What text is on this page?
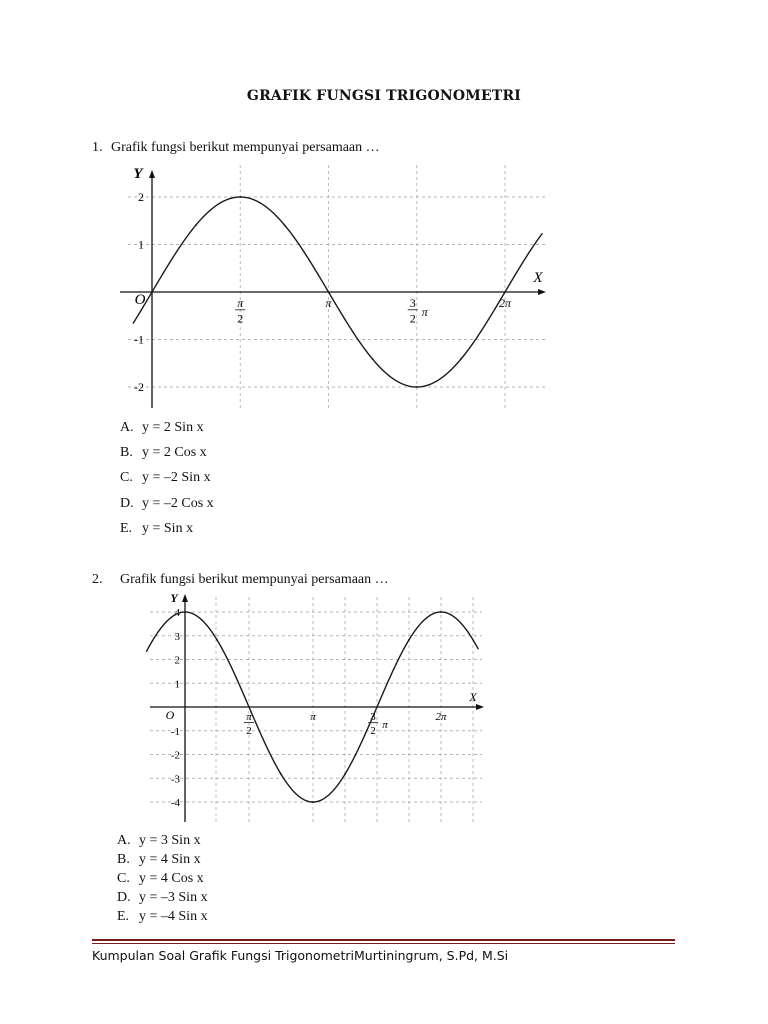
GRAFIK FUNGSI TRIGONOMETRI
1. Grafik fungsi berikut mempunyai persamaan …
X
Y
O	π
2
π	3
2 π
2π
2
1
-1
-2
A. y = 2 Sin x
B. y = 2 Cos x
C. y = –2 Sin x
D. y = –2 Cos x
E. y = Sin x
2. Grafik fungsi berikut mempunyai persamaan …
X
Y
O	π
2
π	3
2
π
2π
4
3
2
1
-1
-2
-3
-4
A. y = 3 Sin x
B. y = 4 Sin x
C. y = 4 Cos x
D. y = –3 Sin x
E. y = –4 Sin x
Kumpulan Soal Grafik Fungsi TrigonometriMurtiningrum, S.Pd, M.Si
